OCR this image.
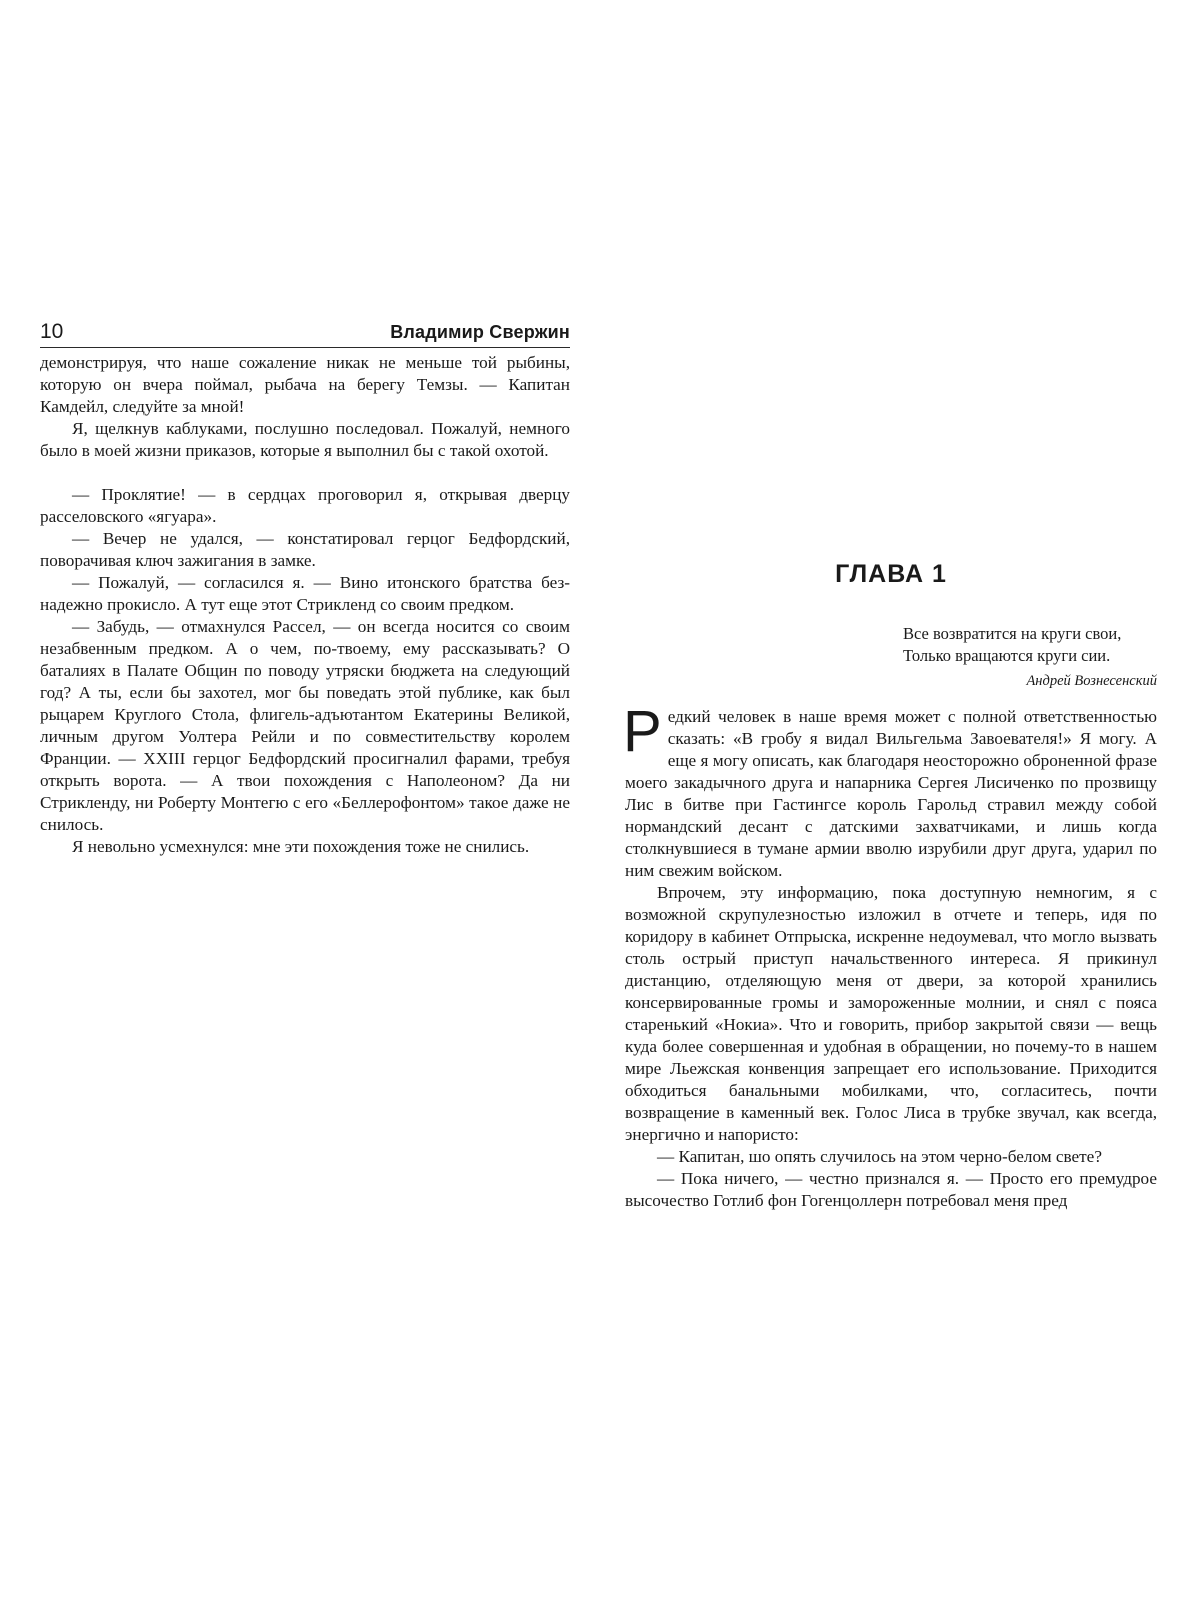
10	Владимир Свержин

демонстрируя, что наше сожаление никак не меньше той рыбины, которую он вчера поймал, рыбача на берегу Темзы. — Капитан Камдейл, следуйте за мной!

Я, щелкнув каблуками, послушно последовал. Пожалуй, немного было в моей жизни приказов, которые я выполнил бы с такой охотой.

— Проклятие! — в сердцах проговорил я, открывая дверцу расселовского «ягуара».

— Вечер не удался, — констатировал герцог Бедфордский, поворачивая ключ зажигания в замке.

— Пожалуй, — согласился я. — Вино итонского братства безнадежно прокисло. А тут еще этот Стрикленд со своим предком.

— Забудь, — отмахнулся Рассел, — он всегда носится со своим незабвенным предком. А о чем, по-твоему, ему рассказывать? О баталиях в Палате Общин по поводу утряски бюджета на следующий год? А ты, если бы захотел, мог бы поведать этой публике, как был рыцарем Круглого Стола, флигель-адъютантом Екатерины Великой, личным другом Уолтера Рейли и по совместительству королем Франции. — XXIII герцог Бедфордский просигналил фарами, требуя открыть ворота. — А твои похождения с Наполеоном? Да ни Стрикленду, ни Роберту Монтегю с его «Беллерофонтом» такое даже не снилось.

Я невольно усмехнулся: мне эти похождения тоже не снились.

ГЛАВА 1
Все возвратится на круги свои,
Только вращаются круги сии.
Андрей Вознесенский

Редкий человек в наше время может с полной ответственностью сказать: «В гробу я видал Вильгельма Завоевателя!» Я могу. А еще я могу описать, как благодаря неосторожно оброненной фразе моего закадычного друга и напарника Сергея Лисиченко по прозвищу Лис в битве при Гастингсе король Гарольд стравил между собой нормандский десант с датскими захватчиками, и лишь когда столкнувшиеся в тумане армии вволю изрубили друг друга, ударил по ним свежим войском.

Впрочем, эту информацию, пока доступную немногим, я с возможной скрупулезностью изложил в отчете и теперь, идя по коридору в кабинет Отпрыска, искренне недоумевал, что могло вызвать столь острый приступ начальственного интереса. Я прикинул дистанцию, отделяющую меня от двери, за которой хранились консервированные громы и замороженные молнии, и снял с пояса старенький «Нокиа». Что и говорить, прибор закрытой связи — вещь куда более совершенная и удобная в обращении, но почему-то в нашем мире Льежская конвенция запрещает его использование. Приходится обходиться банальными мобилками, что, согласитесь, почти возвращение в каменный век. Голос Лиса в трубке звучал, как всегда, энергично и напористо:

— Капитан, шо опять случилось на этом черно-белом свете?

— Пока ничего, — честно признался я. — Просто его премудрое высочество Готлиб фон Гогенцоллерн потребовал меня пред
